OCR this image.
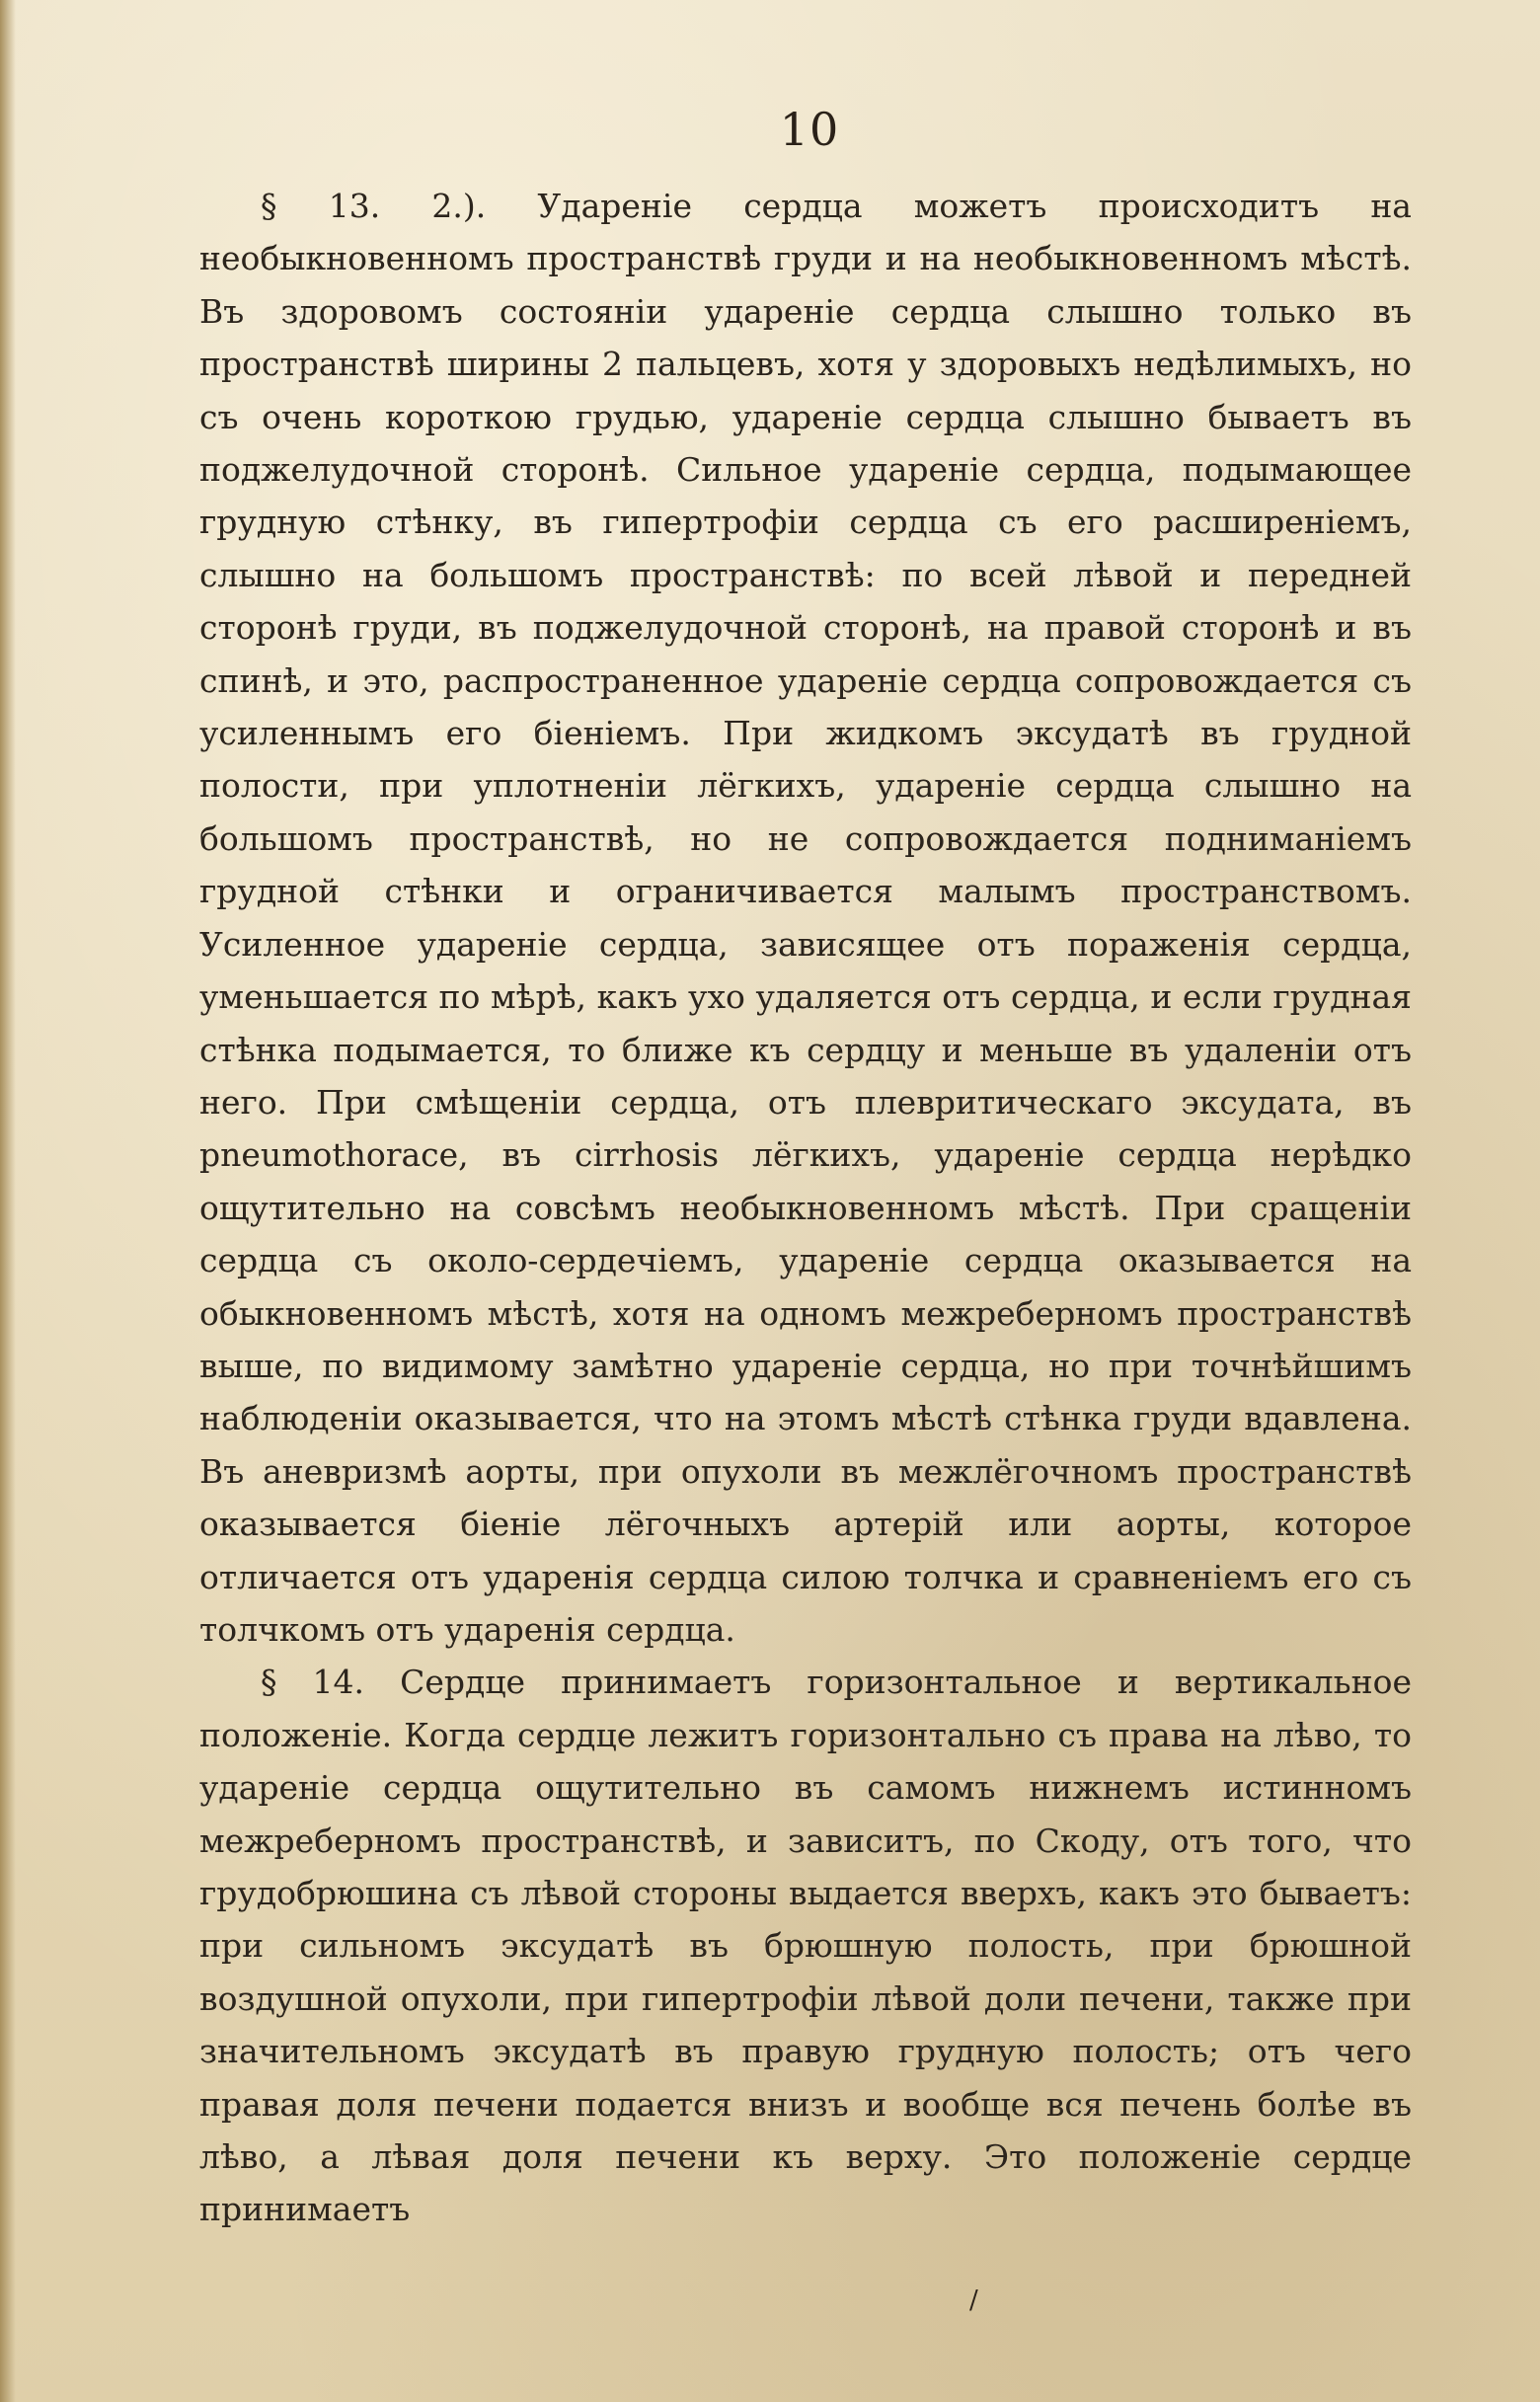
10

§ 13. 2.). Удареніе сердца можетъ происходитъ на необыкновенномъ пространствѣ груди и на необыкновенномъ мѣстѣ. Въ здоровомъ состояніи удареніе сердца слышно только въ пространствѣ ширины 2 пальцевъ, хотя у здоровыхъ недѣлимыхъ, но съ очень короткою грудью, удареніе сердца слышно бываетъ въ поджелудочной сторонѣ. Сильное удареніе сердца, подымающее грудную стѣнку, въ гипертрофіи сердца съ его расширеніемъ, слышно на большомъ пространствѣ: по всей лѣвой и передней сторонѣ груди, въ поджелудочной сторонѣ, на правой сторонѣ и въ спинѣ, и это, распространенное удареніе сердца сопровождается съ усиленнымъ его біеніемъ. При жидкомъ эксудатѣ въ грудной полости, при уплотненіи лёгкихъ, удареніе сердца слышно на большомъ пространствѣ, но не сопровождается подниманіемъ грудной стѣнки и ограничивается малымъ пространствомъ. Усиленное удареніе сердца, зависящее отъ пораженія сердца, уменьшается по мѣрѣ, какъ ухо удаляется отъ сердца, и если грудная стѣнка подымается, то ближе къ сердцу и меньше въ удаленіи отъ него. При смѣщеніи сердца, отъ плевритическаго эксудата, въ pneumothorace, въ cirrhosis лёгкихъ, удареніе сердца нерѣдко ощутительно на совсѣмъ необыкновенномъ мѣстѣ. При сращеніи сердца съ около-сердечіемъ, удареніе сердца оказывается на обыкновенномъ мѣстѣ, хотя на одномъ межреберномъ пространствѣ выше, по видимому замѣтно удареніе сердца, но при точнѣйшимъ наблюденіи оказывается, что на этомъ мѣстѣ стѣнка груди вдавлена. Въ аневризмѣ аорты, при опухоли въ межлёгочномъ пространствѣ оказывается біеніе лёгочныхъ артерій или аорты, которое отличается отъ ударенія сердца силою толчка и сравненіемъ его съ толчкомъ отъ ударенія сердца.

§ 14. Сердце принимаетъ горизонтальное и вертикальное положеніе. Когда сердце лежитъ горизонтально съ права на лѣво, то удареніе сердца ощутительно въ самомъ нижнемъ истинномъ межреберномъ пространствѣ, и зависитъ, по Скоду, отъ того, что грудобрюшина съ лѣвой стороны выдается вверхъ, какъ это бываетъ: при сильномъ эксудатѣ въ брюшную полость, при брюшной воздушной опухоли, при гипертрофіи лѣвой доли печени, также при значительномъ эксудатѣ въ правую грудную полость; отъ чего правая доля печени подается внизъ и вообще вся печень болѣе въ лѣво, а лѣвая доля печени къ верху. Это положеніе сердце принимаетъ

/
